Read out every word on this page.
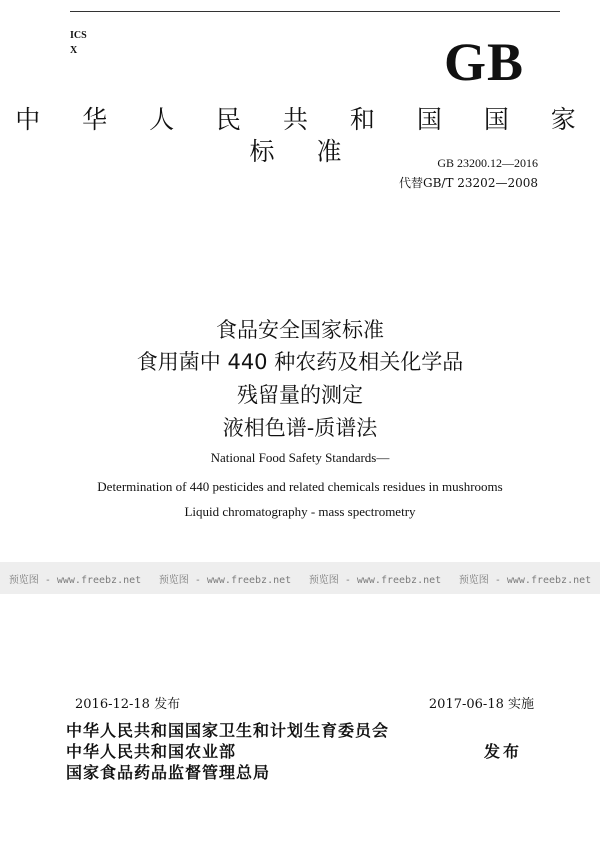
ICS
X	GB
中 华 人 民 共 和 国 国 家 标 准	GB 23200.12—2016
代替GB/T 23202—2008
食品安全国家标准
食用菌中 440 种农药及相关化学品
残留量的测定
液相色谱-质谱法
National Food Safety Standards—
Determination of 440 pesticides and related chemicals residues in mushrooms
Liquid chromatography - mass spectrometry
预览图 - www.freebz.net 预览图 - www.freebz.net 预览图 - www.freebz.net 预览图 - www.freebz.net
2016-12-18 发布	2017-06-18 实施
中华人民共和国国家卫生和计划生育委员会
中华人民共和国农业部
国家食品药品监督管理总局
发布
